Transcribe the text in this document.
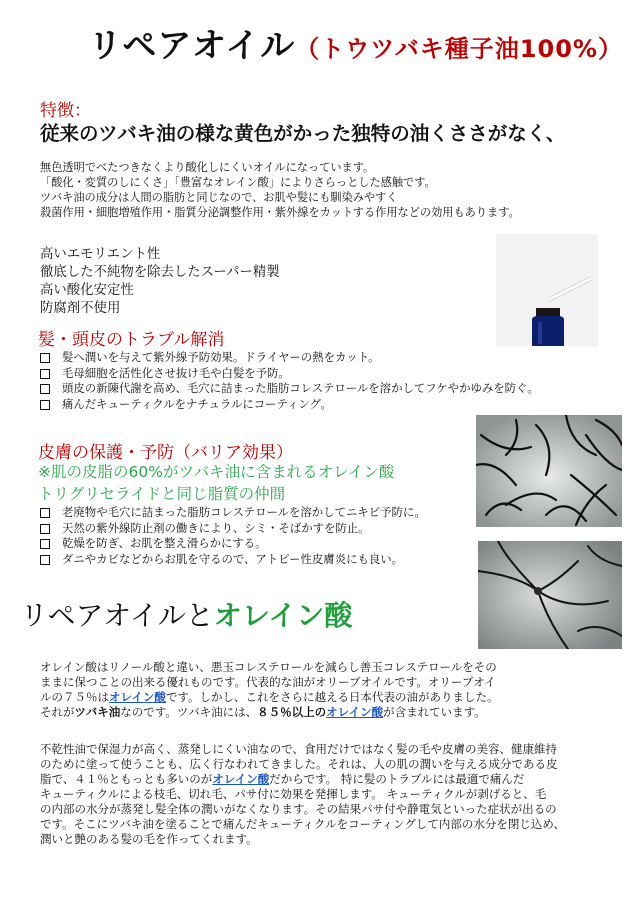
リペアオイル（トウツバキ種子油100%）
特徴：
従来のツバキ油の様な黄色がかった独特の油くささがなく、
無色透明でべたつきなくより酸化しにくいオイルになっています。
「酸化・変質のしにくさ」「豊富なオレイン酸」によりさらっとした感触です。
ツバキ油の成分は人間の脂肪と同じなので、お肌や髪にも馴染みやすく
殺菌作用・細胞増殖作用・脂質分泌調整作用・紫外線をカットする作用などの効用もあります。
高いエモリエント性
徹底した不純物を除去したスーパー精製
高い酸化安定性
防腐剤不使用
髪・頭皮のトラブル解消
髪へ潤いを与えて紫外線予防効果。ドライヤーの熱をカット。
毛母細胞を活性化させ抜け毛や白髪を予防。
頭皮の新陳代謝を高め、毛穴に詰まった脂肪コレステロールを溶かしてフケやかゆみを防ぐ。
痛んだキューティクルをナチュラルにコーティング。
皮膚の保護・予防（バリア効果）
※肌の皮脂の60%がツバキ油に含まれるオレイン酸
トリグリセライドと同じ脂質の仲間
老廃物や毛穴に詰まった脂肪コレステロールを溶かしてニキビ予防に。
天然の紫外線防止剤の働きにより、シミ・そばかすを防止。
乾燥を防ぎ、お肌を整え滑らかにする。
ダニやカビなどからお肌を守るので、アトピー性皮膚炎にも良い。
リペアオイルとオレイン酸
オレイン酸はリノール酸と違い、悪玉コレステロールを減らし善玉コレステロールをその
ままに保つことの出来る優れものです。代表的な油がオリーブオイルです。オリーブオイ
ルの７５％はオレイン酸です。しかし、これをさらに越える日本代表の油がありました。
それがツバキ油なのです。ツバキ油には、８５％以上のオレイン酸が含まれています。
不乾性油で保湿力が高く、蒸発しにくい油なので、食用だけではなく髪の毛や皮膚の美容、健康維持
のために塗って使うことも、広く行なわれてきました。それは、人の肌の潤いを与える成分である皮
脂で、４１％ともっとも多いのがオレイン酸だからです。 特に髪のトラブルには最適で痛んだ
キューティクルによる枝毛、切れ毛、パサ付に効果を発揮します。 キューティクルが剥げると、毛
の内部の水分が蒸発し髪全体の潤いがなくなります。その結果パサ付や静電気といった症状が出るの
です。そこにツバキ油を塗ることで痛んだキューティクルをコーティングして内部の水分を閉じ込め、
潤いと艶のある髪の毛を作ってくれます。
